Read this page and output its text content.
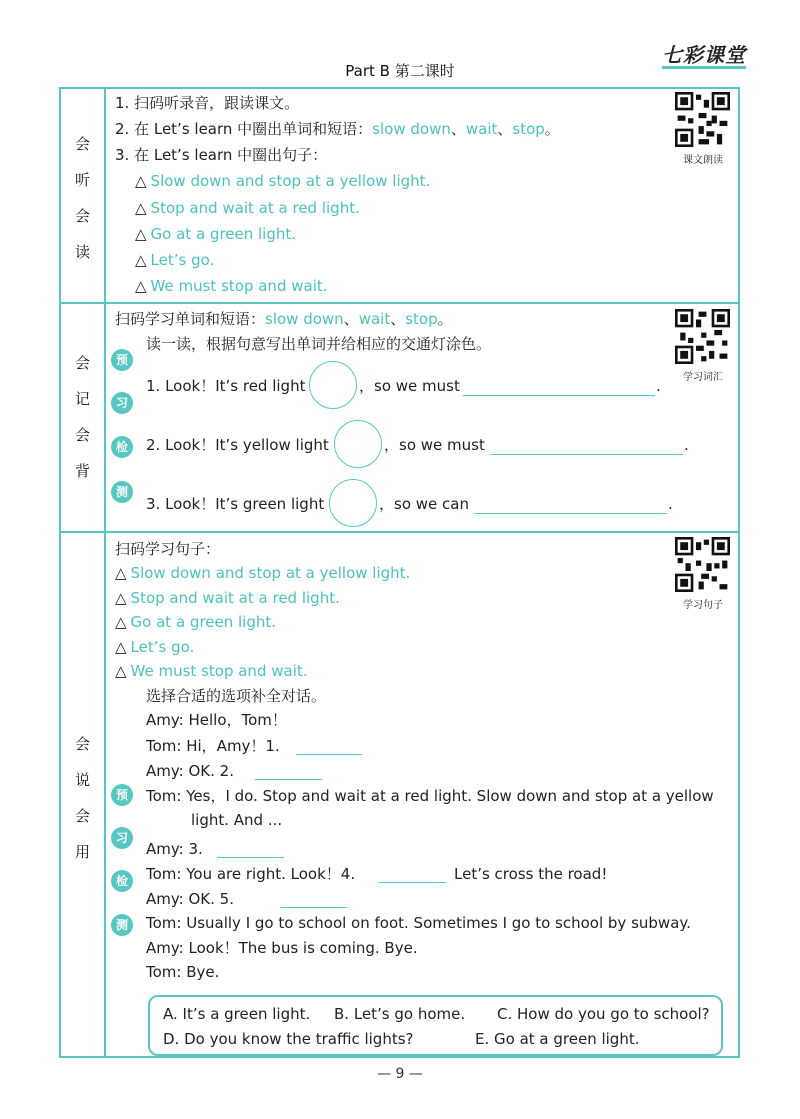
Part B 第二课时
七彩课堂
会
听
会
读
1. 扫码听录音，跟读课文。
2. 在 Let’s learn 中圈出单词和短语：slow down、wait、stop。
3. 在 Let’s learn 中圈出句子：
△ Slow down and stop at a yellow light.
△ Stop and wait at a red light.
△ Go at a green light.
△ Let’s go.
△ We must stop and wait.
课文朗读
会
记
会
背
扫码学习单词和短语：slow down、wait、stop。
读一读，根据句意写出单词并给相应的交通灯涂色。
预
习
检
测
1. Look！It’s red light	，so we must	.
2. Look！It’s yellow light	，so we must	.
3. Look！It’s green light	，so we can	.
学习词汇
会
说
会
用
扫码学习句子：
△ Slow down and stop at a yellow light.
△ Stop and wait at a red light.
△ Go at a green light.
△ Let’s go.
△ We must stop and wait.
选择合适的选项补全对话。
预
习
检
测
Amy: Hello，Tom！
Tom: Hi，Amy！1.
Amy: OK. 2.
Tom: Yes，I do. Stop and wait at a red light. Slow down and stop at a yellow
light. And ...
Amy: 3.
Tom: You are right. Look！4.	Let’s cross the road!
Amy: OK. 5.
Tom: Usually I go to school on foot. Sometimes I go to school by subway.
Amy: Look！The bus is coming. Bye.
Tom: Bye.
学习句子
A. It’s a green light. B. Let’s go home. C. How do you go to school?
D. Do you know the traffic lights?	E. Go at a green light.
— 9 —
